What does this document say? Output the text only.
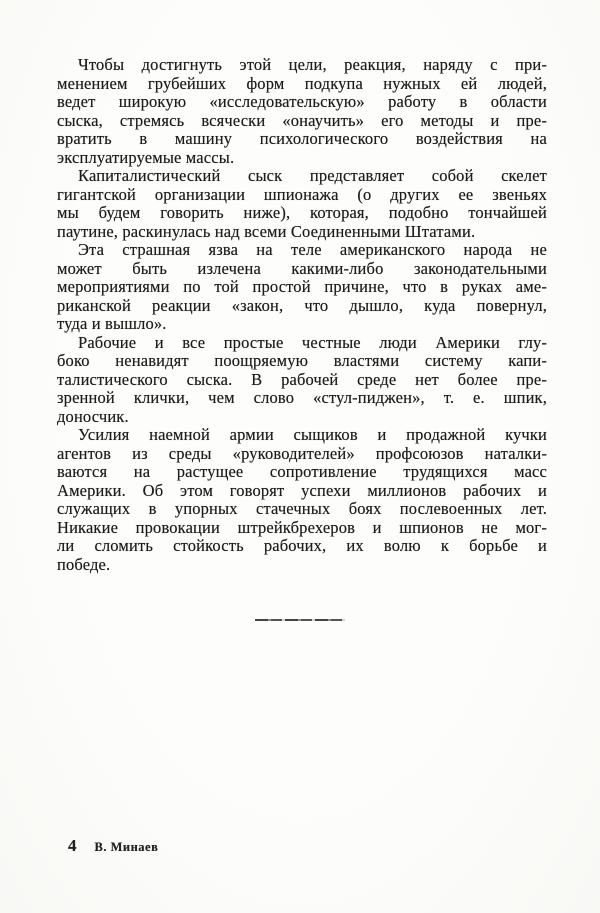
Чтобы достигнуть этой цели, реакция, наряду с при-
менением грубейших форм подкупа нужных ей людей,
ведет широкую «исследовательскую» работу в области
сыска, стремясь всячески «онаучить» его методы и пре-
вратить в машину психологического воздействия на
эксплуатируемые массы.
Капиталистический сыск представляет собой скелет
гигантской организации шпионажа (о других ее звеньях
мы будем говорить ниже), которая, подобно тончайшей
паутине, раскинулась над всеми Соединенными Штатами.
Эта страшная язва на теле американского народа не
может быть излечена какими-либо законодательными
мероприятиями по той простой причине, что в руках аме-
риканской реакции «закон, что дышло, куда повернул,
туда и вышло».
Рабочие и все простые честные люди Америки глу-
боко ненавидят поощряемую властями систему капи-
талистического сыска. В рабочей среде нет более пре-
зренной клички, чем слово «стул-пиджен», т. е. шпик,
доносчик.
Усилия наемной армии сыщиков и продажной кучки
агентов из среды «руководителей» профсоюзов наталки-
ваются на растущее сопротивление трудящихся масс
Америки. Об этом говорят успехи миллионов рабочих и
служащих в упорных стачечных боях послевоенных лет.
Никакие провокации штрейкбрехеров и шпионов не мог-
ли сломить стойкость рабочих, их волю к борьбе и
победе.
4 В. Минаев
